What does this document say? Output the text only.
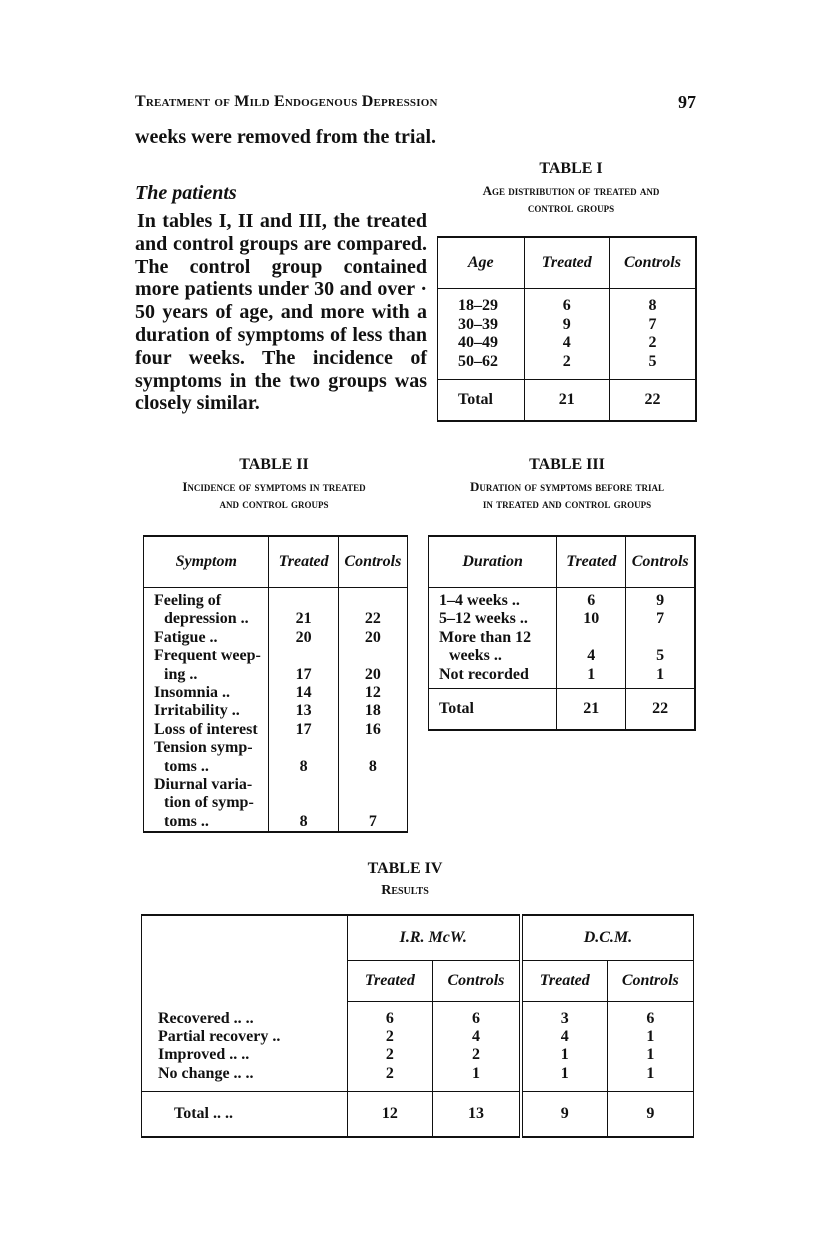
Treatment of Mild Endogenous Depression	97
weeks were removed from the trial.
The patients

In tables I, II and III, the treated and control groups are compared. The control group contained more patients under 30 and over · 50 years of age, and more with a duration of symptoms of less than four weeks. The incidence of symptoms in the two groups was closely similar.

TABLE I
Age distribution of treated and
control groups
Age	Treated	Controls

18–29	6	8
30–39	9	7
40–49	4	2
50–62	2	5

Total	21	22
TABLE II
Incidence of symptoms in treated
and control groups
Symptom	Treated	Controls

Feeling of		
depression ..	21	22
Fatigue ..	20	20
Frequent weep-		
ing ..	17	20
Insomnia ..	14	12
Irritability ..	13	18
Loss of interest	17	16
Tension symp-		
toms ..	8	8
Diurnal varia-		
tion of symp-		
toms ..	8	7
TABLE III
Duration of symptoms before trial
in treated and control groups
Duration	Treated	Controls

1–4 weeks ..	6	9
5–12 weeks ..	10	7
More than 12		
weeks ..	4	5
Not recorded	1	1

Total	21	22
TABLE IV
Results
	I.R. McW.		D.C.M.	
	Treated	Controls	Treated	Controls

Recovered .. ..	6	6	3	6
Partial recovery ..	2	4	4	1
Improved .. ..	2	2	1	1
No change .. ..	2	1	1	1

Total .. ..	12	13	9	9
